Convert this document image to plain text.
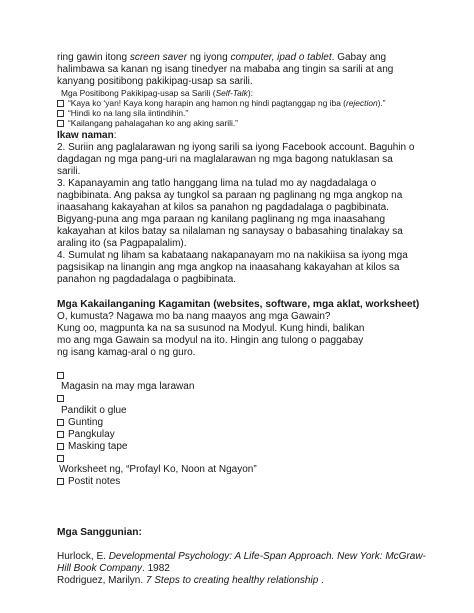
ring gawin itong screen saver ng iyong computer, ipad o tablet. Gabay ang
halimbawa sa kanan ng isang tinedyer na mababa ang tingin sa sarili at ang
kanyang positibong pakikipag-usap sa sarili.
Mga Positibong Pakikipag-usap sa Sarili (Self-Talk):
“Kaya ko ‘yan! Kaya kong harapin ang hamon ng hindi pagtanggap ng iba (rejection).”
“Hindi ko na lang sila iintindihin.”
“Kailangang pahalagahan ko ang aking sarili.”
Ikaw naman:
2. Suriin ang paglalarawan ng iyong sarili sa iyong Facebook account. Baguhin o
dagdagan ng mga pang-uri na maglalarawan ng mga bagong natuklasan sa
sarili.
3. Kapanayamin ang tatlo hanggang lima na tulad mo ay nagdadalaga o
nagbibinata. Ang paksa ay tungkol sa paraan ng paglinang ng mga angkop na
inaasahang kakayahan at kilos sa panahon ng pagdadalaga o pagbibinata.
Bigyang-puna ang mga paraan ng kanilang paglinang ng mga inaasahang
kakayahan at kilos batay sa nilalaman ng sanaysay o babasahing tinalakay sa
araling ito (sa Pagpapalalim).
4. Sumulat ng liham sa kabataang nakapanayam mo na nakikiisa sa iyong mga
pagsisikap na linangin ang mga angkop na inaasahang kakayahan at kilos sa
panahon ng pagdadalaga o pagbibinata.
Mga Kakailanganing Kagamitan (websites, software, mga aklat, worksheet)
O, kumusta? Nagawa mo ba nang maayos ang mga Gawain?
Kung oo, magpunta ka na sa susunod na Modyul. Kung hindi, balikan
mo ang mga Gawain sa modyul na ito. Hingin ang tulong o paggabay
ng isang kamag-aral o ng guro.
Magasin na may mga larawan
Pandikit o glue
Gunting
Pangkulay
Masking tape
Worksheet ng, “Profayl Ko, Noon at Ngayon”
Postit notes
Mga Sanggunian:
Hurlock, E. Developmental Psychology: A Life-Span Approach. New York: McGraw-
Hill Book Company. 1982
Rodriguez, Marilyn. 7 Steps to creating healthy relationship .
